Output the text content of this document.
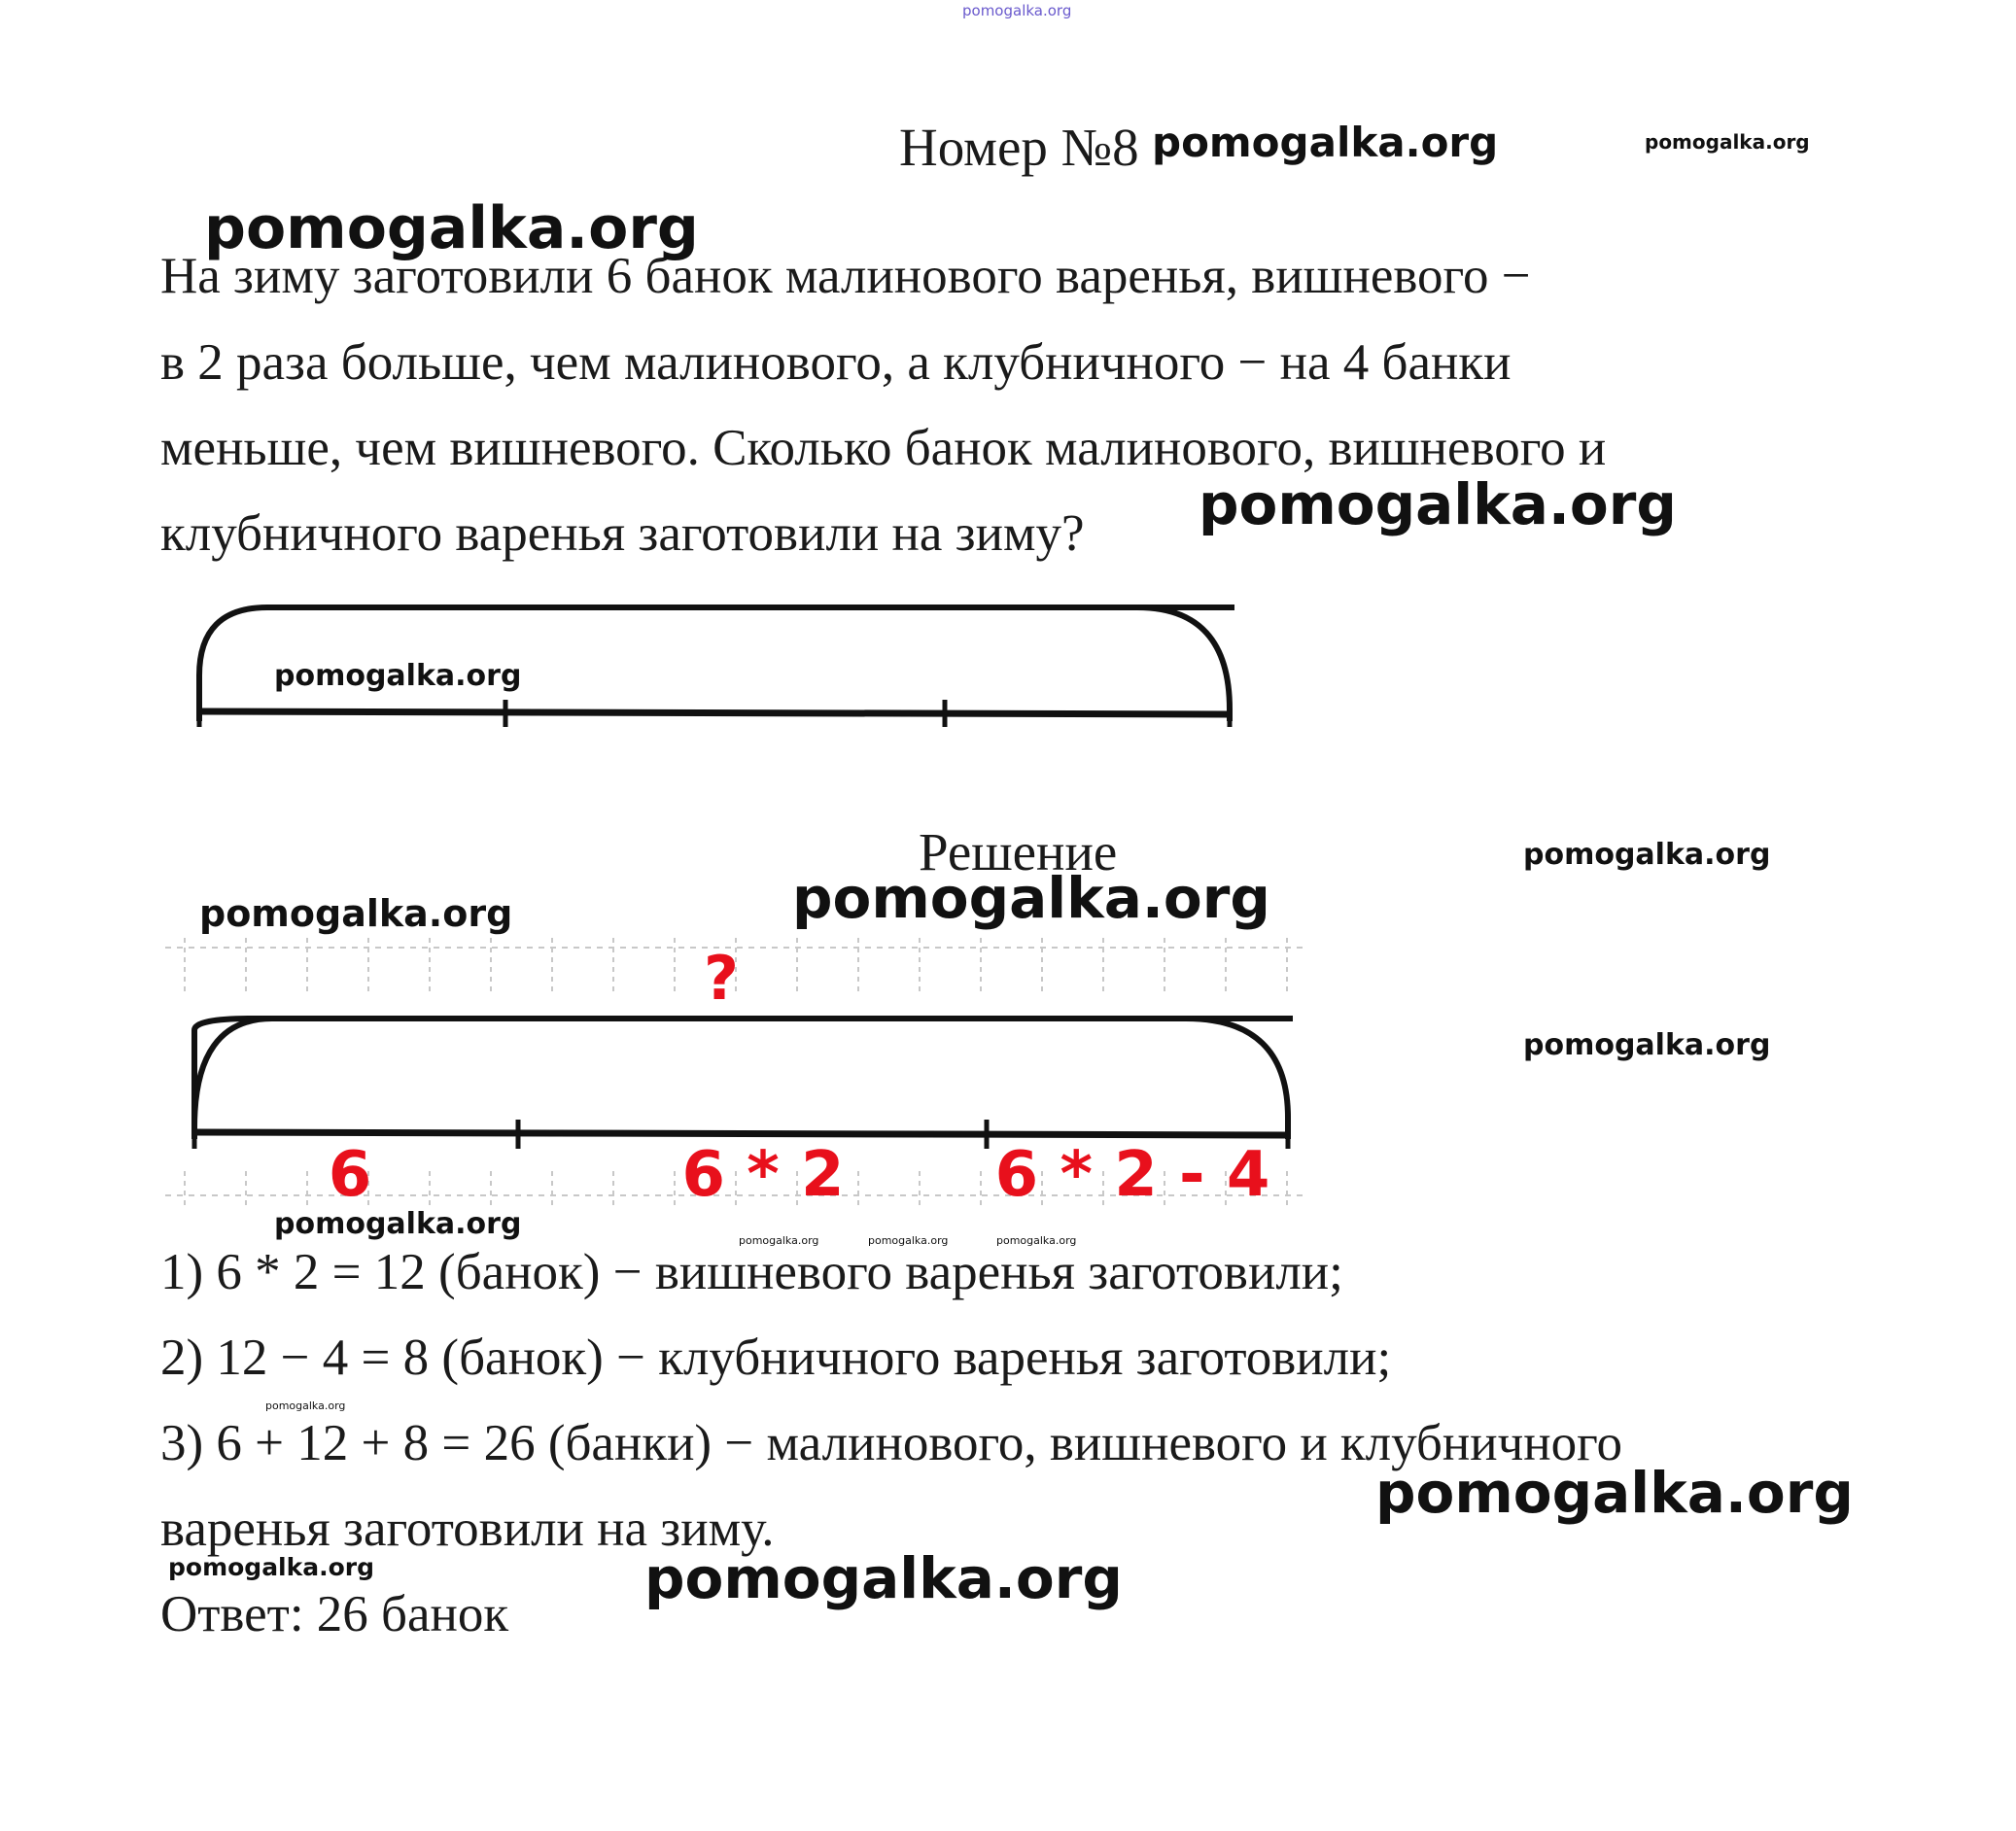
pomogalka.org
Номер №8
На зиму заготовили 6 банок малинового варенья, вишневого −
в 2 раза больше, чем малинового, а клубничного − на 4 банки
меньше, чем вишневого. Сколько банок малинового, вишневого и
клубничного варенья заготовили на зиму?
Решение
?
6	6 * 2 6 * 2 - 4
1) 6 * 2 = 12 (банок) − вишневого варенья заготовили;
2) 12 − 4 = 8 (банок) − клубничного варенья заготовили;
3) 6 + 12 + 8 = 26 (банки) − малинового, вишневого и клубничного
варенья заготовили на зиму.
Ответ: 26 банок
pomogalka.org	pomogalka.org
pomogalka.org
pomogalka.org
pomogalka.org
pomogalka.org
pomogalka.org
pomogalka.org
pomogalka.org
pomogalka.org	pomogalka.org	pomogalka.org	pomogalka.org
pomogalka.org
pomogalka.org
pomogalka.org	pomogalka.org
